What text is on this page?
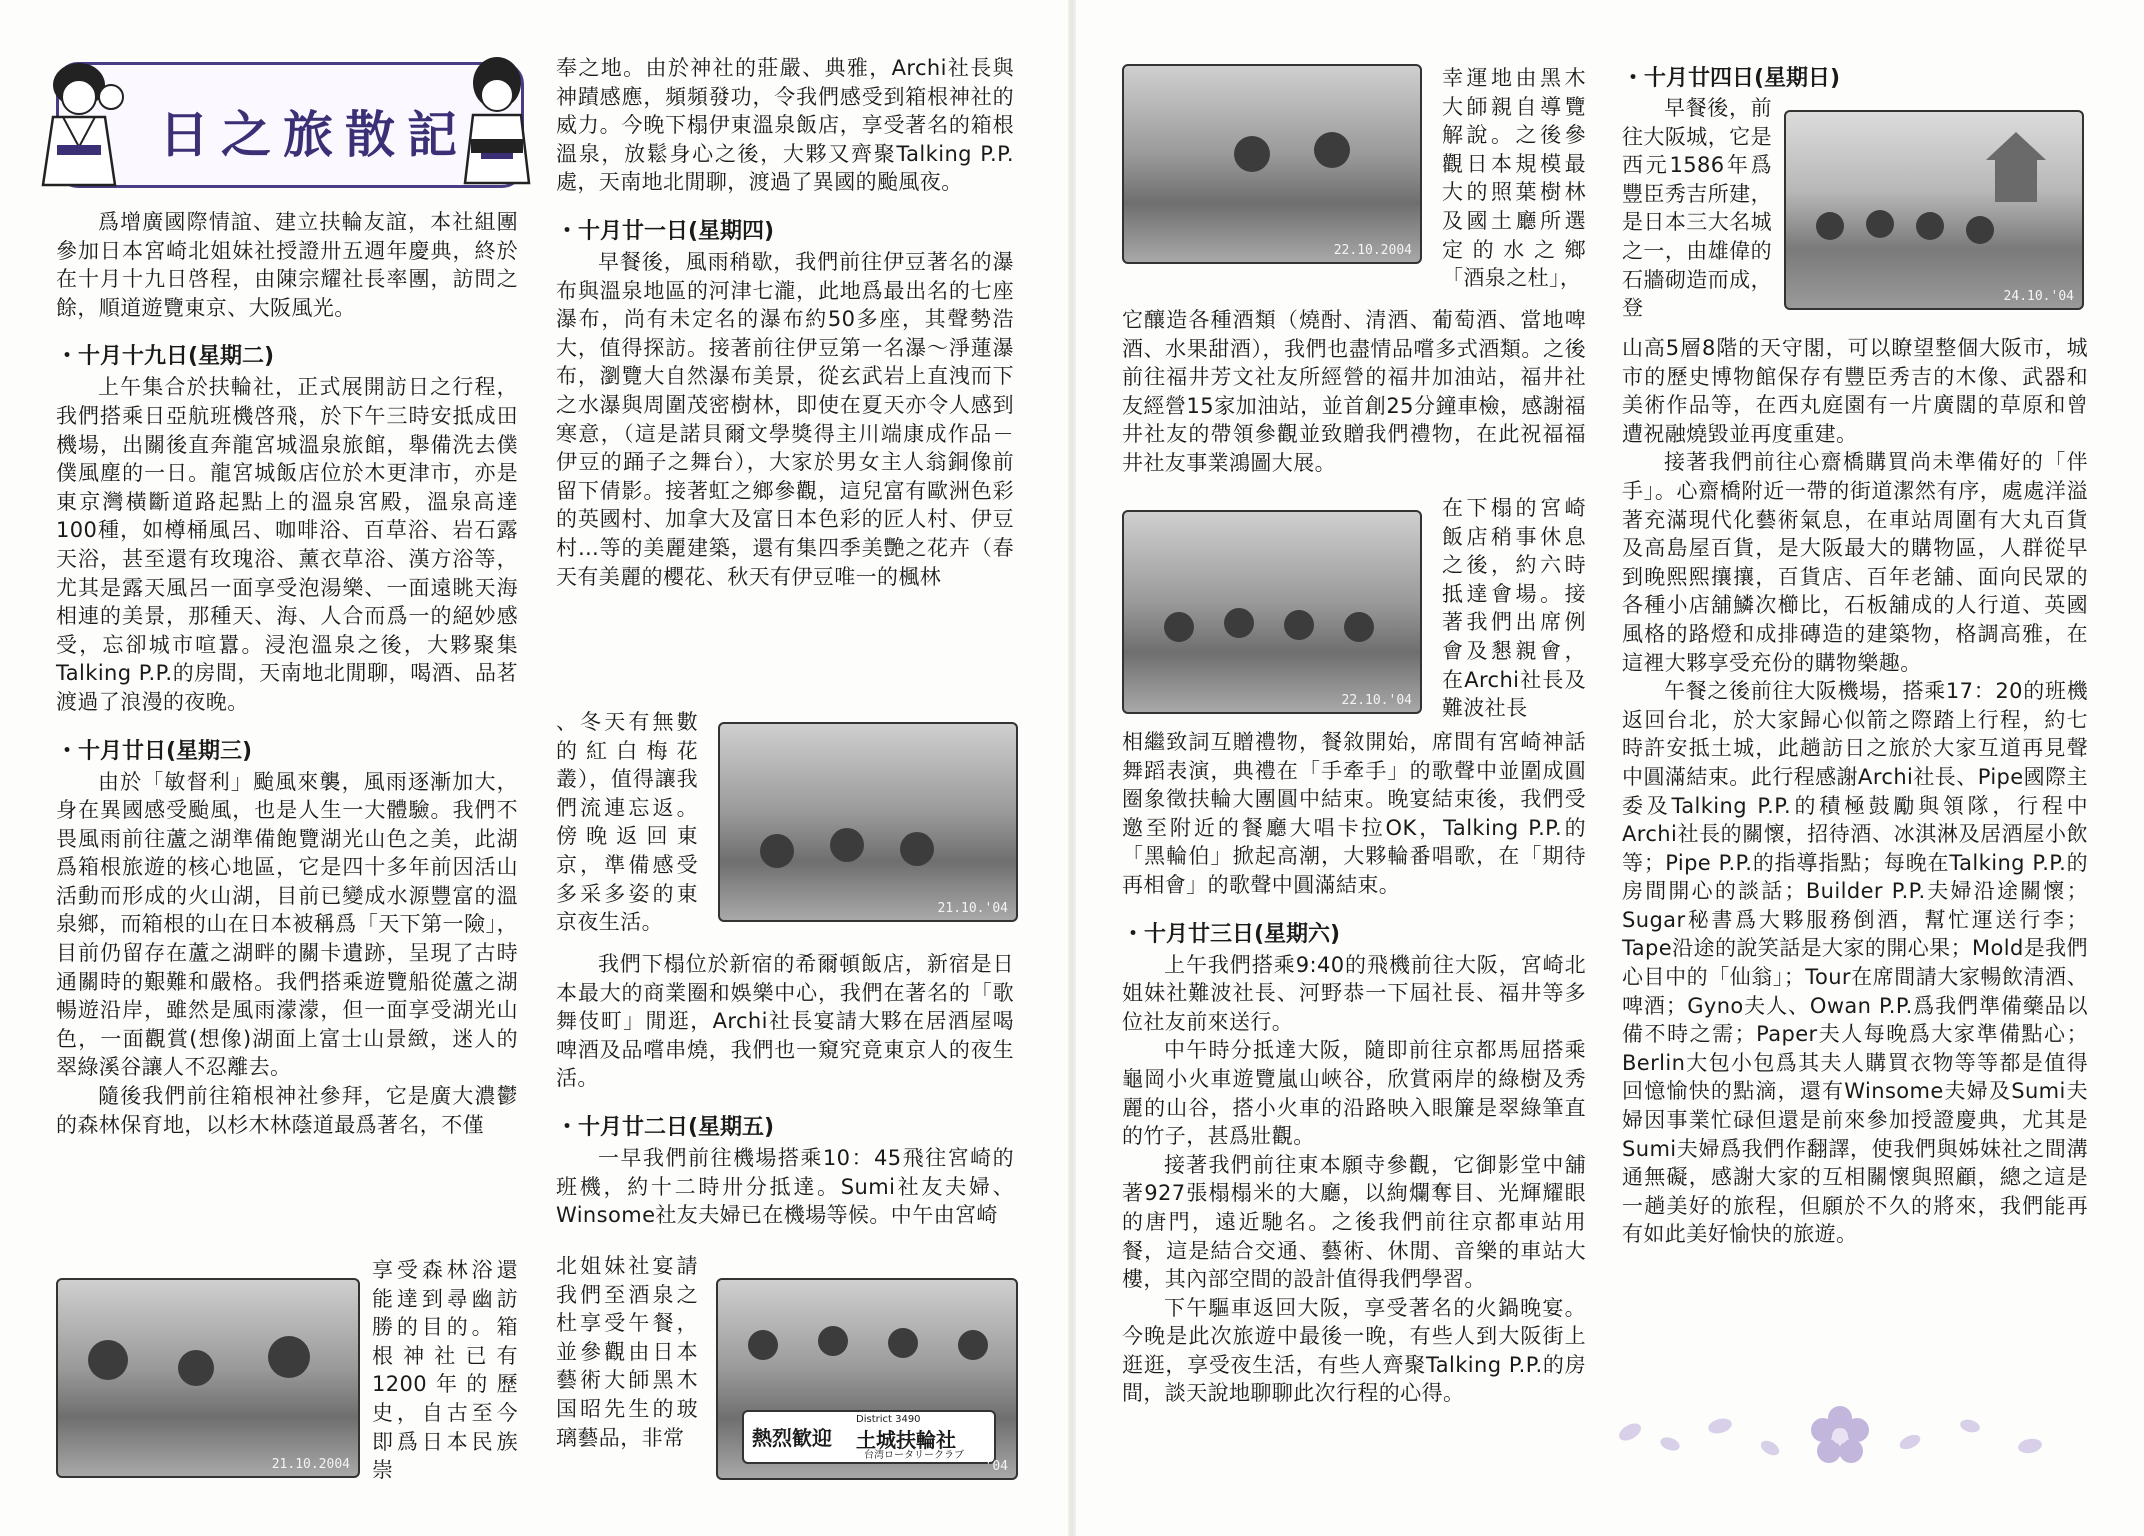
日之旅散記

爲增廣國際情誼、建立扶輪友誼，本社組團參加日本宮崎北姐妹社授證卅五週年慶典，終於在十月十九日啓程，由陳宗耀社長率團，訪問之餘，順道遊覽東京、大阪風光。

・十月十九日(星期二)

上午集合於扶輪社，正式展開訪日之行程，我們搭乘日亞航班機啓飛，於下午三時安抵成田機場，出關後直奔龍宮城溫泉旅館，舉備洗去僕僕風塵的一日。龍宮城飯店位於木更津市，亦是東京灣橫斷道路起點上的溫泉宮殿，溫泉高達100種，如樽桶風呂、咖啡浴、百草浴、岩石露天浴，甚至還有玫瑰浴、薰衣草浴、漢方浴等，尤其是露天風呂一面享受泡湯樂、一面遠眺天海相連的美景，那種天、海、人合而爲一的絕妙感受，忘卻城市喧囂。浸泡溫泉之後，大夥聚集Talking P.P.的房間，天南地北閒聊，喝酒、品茗渡過了浪漫的夜晚。

・十月廿日(星期三)

由於「敏督利」颱風來襲，風雨逐漸加大，身在異國感受颱風，也是人生一大體驗。我們不畏風雨前往蘆之湖準備飽覽湖光山色之美，此湖爲箱根旅遊的核心地區，它是四十多年前因活山活動而形成的火山湖，目前已變成水源豐富的溫泉鄉，而箱根的山在日本被稱爲「天下第一險」，目前仍留存在蘆之湖畔的關卡遺跡，呈現了古時通關時的艱難和嚴格。我們搭乘遊覽船從蘆之湖暢遊沿岸，雖然是風雨濛濛，但一面享受湖光山色，一面觀賞(想像)湖面上富士山景緻，迷人的翠綠溪谷讓人不忍離去。

隨後我們前往箱根神社參拜，它是廣大濃鬱的森林保育地，以杉木林蔭道最爲著名，不僅

21.10.2004

享受森林浴還能達到尋幽訪勝的目的。箱根神社已有1200年的歷史，自古至今即爲日本民族崇

奉之地。由於神社的莊嚴、典雅，Archi社長與神蹟感應，頻頻發功，令我們感受到箱根神社的威力。今晚下榻伊東溫泉飯店，享受著名的箱根溫泉，放鬆身心之後，大夥又齊聚Talking P.P.處，天南地北閒聊，渡過了異國的颱風夜。

・十月廿一日(星期四)

早餐後，風雨稍歇，我們前往伊豆著名的瀑布與溫泉地區的河津七瀧，此地爲最出名的七座瀑布，尚有未定名的瀑布約50多座，其聲勢浩大，值得探訪。接著前往伊豆第一名瀑～淨蓮瀑布，瀏覽大自然瀑布美景，從玄武岩上直洩而下之水瀑與周圍茂密樹林，即使在夏天亦令人感到寒意，（這是諾貝爾文學獎得主川端康成作品－伊豆的踊子之舞台），大家於男女主人翁銅像前留下倩影。接著虹之鄉參觀，這兒富有歐洲色彩的英國村、加拿大及富日本色彩的匠人村、伊豆村…等的美麗建築，還有集四季美艷之花卉（春天有美麗的櫻花、秋天有伊豆唯一的楓林

、冬天有無數的紅白梅花叢），值得讓我們流連忘返。傍晚返回東京，準備感受多采多姿的東京夜生活。

21.10.'04

我們下榻位於新宿的希爾頓飯店，新宿是日本最大的商業圈和娛樂中心，我們在著名的「歌舞伎町」閒逛，Archi社長宴請大夥在居酒屋喝啤酒及品嚐串燒，我們也一窺究竟東京人的夜生活。

・十月廿二日(星期五)

一早我們前往機場搭乘10：45飛往宮崎的班機，約十二時卅分抵達。Sumi社友夫婦、Winsome社友夫婦已在機場等候。中午由宮崎

北姐妹社宴請我們至酒泉之杜享受午餐，並參觀由日本藝術大師黑木国昭先生的玻璃藝品，非常	熱烈歓迎
District 3490
土城扶輪社
台湾ロータリークラブ
'04
22.10.2004

幸運地由黑木大師親自導覽解說。之後參觀日本規模最大的照葉樹林及國土廳所選定的水之鄉「酒泉之杜」，

它釀造各種酒類（燒酎、清酒、葡萄酒、當地啤酒、水果甜酒），我們也盡情品嚐多式酒類。之後前往福井芳文社友所經營的福井加油站，福井社友經營15家加油站，並首創25分鐘車檢，感謝福井社友的帶領參觀並致贈我們禮物，在此祝福福井社友事業鴻圖大展。

22.10.'04

在下榻的宮崎飯店稍事休息之後，約六時抵達會場。接著我們出席例會及懇親會，在Archi社長及難波社長

相繼致詞互贈禮物，餐敘開始，席間有宮崎神話舞蹈表演，典禮在「手牽手」的歌聲中並圍成圓圈象徵扶輪大團圓中結束。晚宴結束後，我們受邀至附近的餐廳大唱卡拉OK，Talking P.P.的「黑輪伯」掀起高潮，大夥輪番唱歌，在「期待再相會」的歌聲中圓滿結束。

・十月廿三日(星期六)

上午我們搭乘9:40的飛機前往大阪，宮崎北姐妹社難波社長、河野恭一下屆社長、福井等多位社友前來送行。

中午時分抵達大阪，隨即前往京都馬屈搭乘龜岡小火車遊覽嵐山峽谷，欣賞兩岸的綠樹及秀麗的山谷，搭小火車的沿路映入眼簾是翠綠筆直的竹子，甚爲壯觀。

接著我們前往東本願寺參觀，它御影堂中舖著927張榻榻米的大廳，以絢爛奪目、光輝耀眼的唐門，遠近馳名。之後我們前往京都車站用餐，這是結合交通、藝術、休閒、音樂的車站大樓，其內部空間的設計值得我們學習。

下午驅車返回大阪，享受著名的火鍋晚宴。今晚是此次旅遊中最後一晚，有些人到大阪街上逛逛，享受夜生活，有些人齊聚Talking P.P.的房間，談天說地聊聊此次行程的心得。

・十月廿四日(星期日)

早餐後，前往大阪城，它是西元1586年爲豐臣秀吉所建，是日本三大名城之一，由雄偉的石牆砌造而成，登	24.10.'04

山高5層8階的天守閣，可以瞭望整個大阪市，城市的歷史博物館保存有豐臣秀吉的木像、武器和美術作品等，在西丸庭園有一片廣闊的草原和曾遭祝融燒毀並再度重建。

接著我們前往心齋橋購買尚未準備好的「伴手」。心齋橋附近一帶的街道潔然有序，處處洋溢著充滿現代化藝術氣息，在車站周圍有大丸百貨及高島屋百貨，是大阪最大的購物區，人群從早到晚熙熙攘攘，百貨店、百年老舖、面向民眾的各種小店舖鱗次櫛比，石板舖成的人行道、英國風格的路燈和成排磚造的建築物，格調高雅，在這裡大夥享受充份的購物樂趣。

午餐之後前往大阪機場，搭乘17：20的班機返回台北，於大家歸心似箭之際踏上行程，約七時許安抵土城，此趟訪日之旅於大家互道再見聲中圓滿結束。此行程感謝Archi社長、Pipe國際主委及Talking P.P.的積極鼓勵與領隊，行程中Archi社長的關懷，招待酒、冰淇淋及居酒屋小飲等；Pipe P.P.的指導指點；每晚在Talking P.P.的房間開心的談話；Builder P.P.夫婦沿途關懷；Sugar秘書爲大夥服務倒酒，幫忙運送行李；Tape沿途的說笑話是大家的開心果；Mold是我們心目中的「仙翁」；Tour在席間請大家暢飲清酒、啤酒；Gyno夫人、Owan P.P.爲我們準備藥品以備不時之需；Paper夫人每晚爲大家準備點心；Berlin大包小包爲其夫人購買衣物等等都是值得回憶愉快的點滴，還有Winsome夫婦及Sumi夫婦因事業忙碌但還是前來參加授證慶典，尤其是Sumi夫婦爲我們作翻譯，使我們與姊妹社之間溝通無礙，感謝大家的互相關懷與照顧，總之這是一趟美好的旅程，但願於不久的將來，我們能再有如此美好愉快的旅遊。
